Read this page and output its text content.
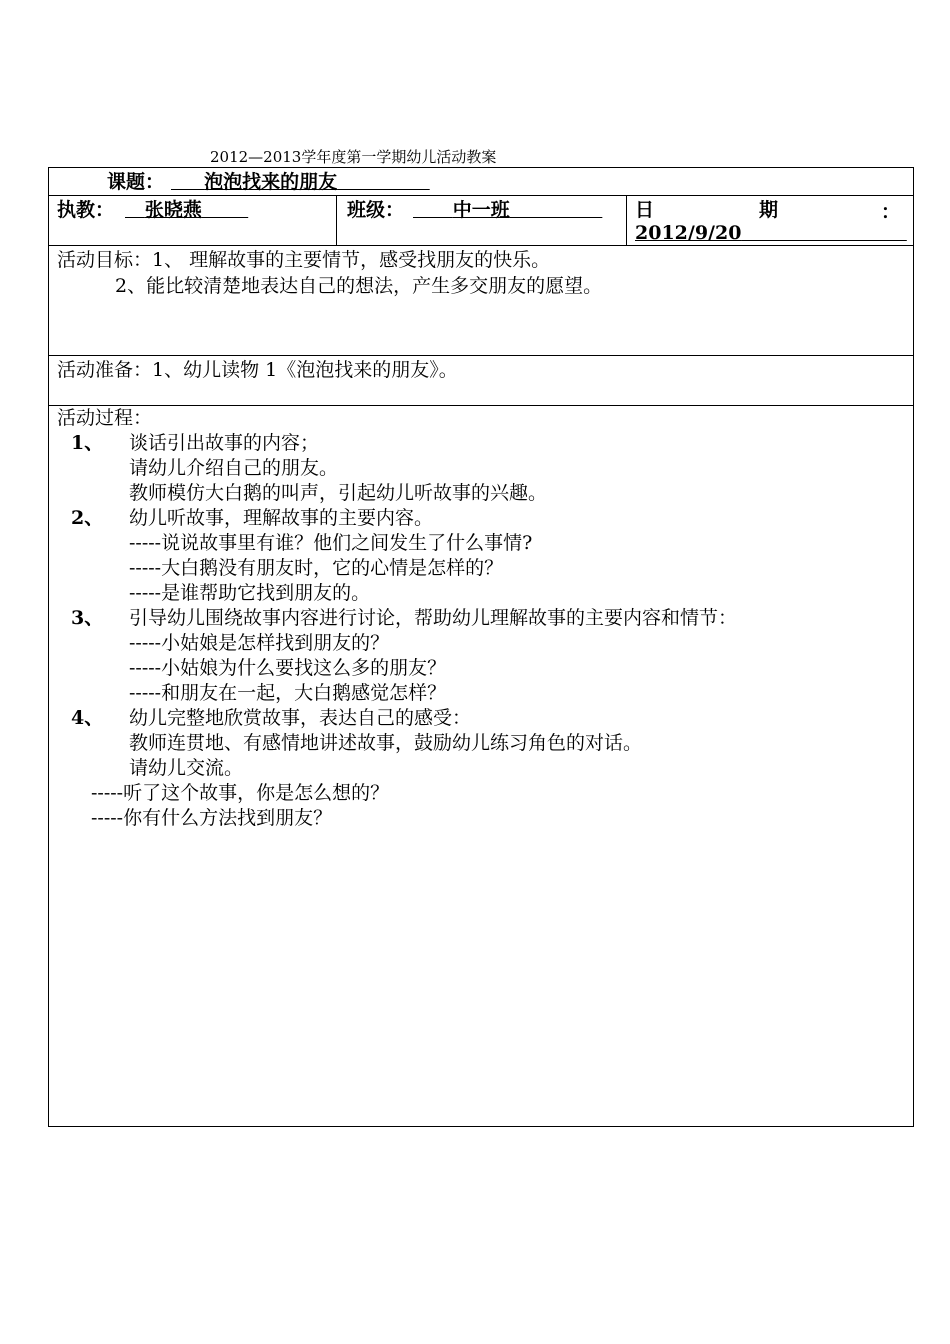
2012—2013学年度第一学期幼儿活动教案
课题：	泡泡找来的朋友
执教：	张晓燕	班级：	中一班	日	期	：
2012/9/20
活动目标：1、 理解故事的主要情节，感受找朋友的快乐。
2、能比较清楚地表达自己的想法，产生多交朋友的愿望。
活动准备：1、幼儿读物 1《泡泡找来的朋友》。
活动过程：
1、 谈话引出故事的内容；
请幼儿介绍自己的朋友。
教师模仿大白鹅的叫声，引起幼儿听故事的兴趣。
2、 幼儿听故事，理解故事的主要内容。
-----说说故事里有谁？他们之间发生了什么事情?
-----大白鹅没有朋友时，它的心情是怎样的？
-----是谁帮助它找到朋友的。
3、 引导幼儿围绕故事内容进行讨论，帮助幼儿理解故事的主要内容和情节：
-----小姑娘是怎样找到朋友的？
-----小姑娘为什么要找这么多的朋友？
-----和朋友在一起，大白鹅感觉怎样？
4、 幼儿完整地欣赏故事，表达自己的感受：
教师连贯地、有感情地讲述故事，鼓励幼儿练习角色的对话。
请幼儿交流。
-----听了这个故事，你是怎么想的？
-----你有什么方法找到朋友？
